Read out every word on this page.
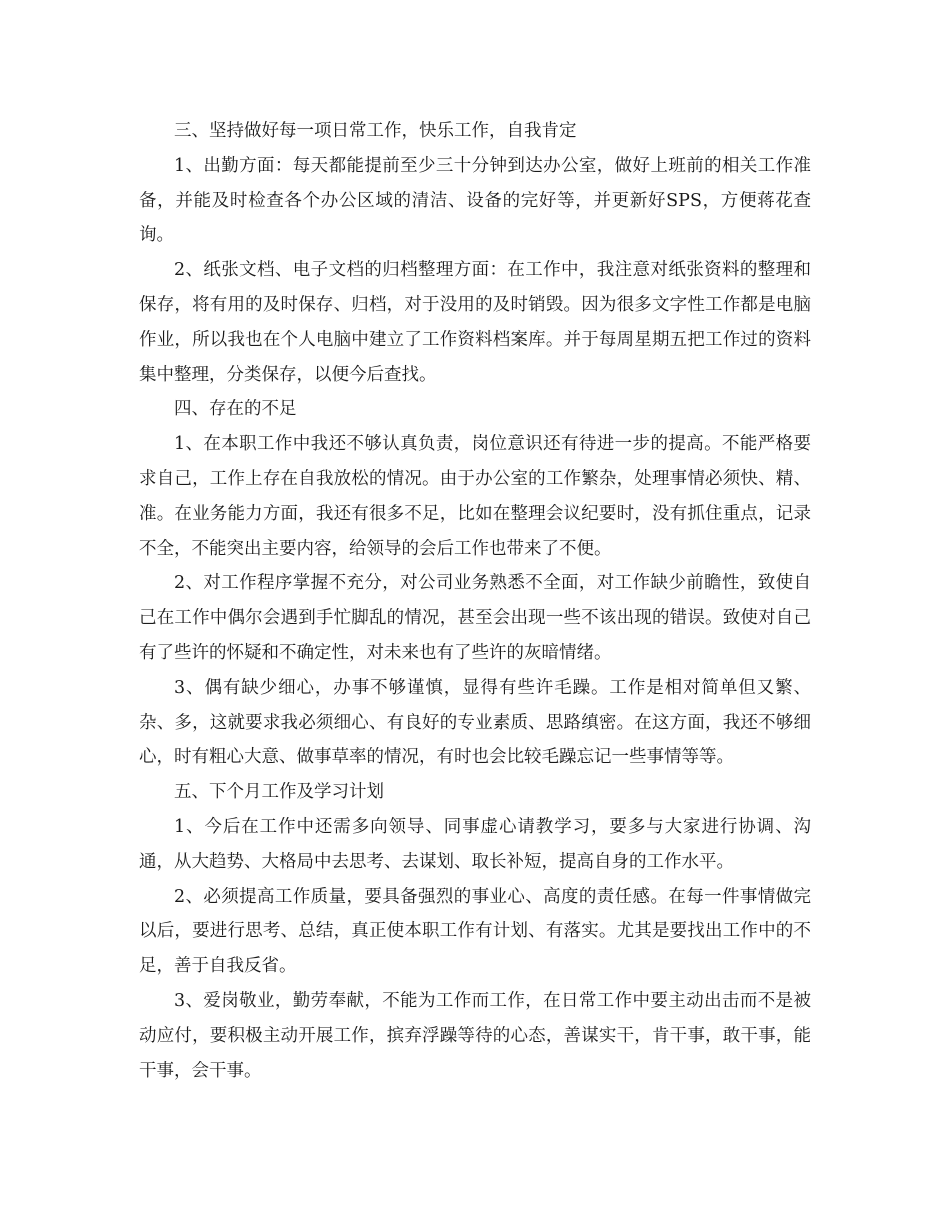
三、坚持做好每一项日常工作，快乐工作，自我肯定

1、出勤方面：每天都能提前至少三十分钟到达办公室，做好上班前的相关工作准备，并能及时检查各个办公区域的清洁、设备的完好等，并更新好SPS，方便蒋花查询。

2、纸张文档、电子文档的归档整理方面：在工作中，我注意对纸张资料的整理和保存，将有用的及时保存、归档，对于没用的及时销毁。因为很多文字性工作都是电脑作业，所以我也在个人电脑中建立了工作资料档案库。并于每周星期五把工作过的资料集中整理，分类保存，以便今后查找。

四、存在的不足

1、在本职工作中我还不够认真负责，岗位意识还有待进一步的提高。不能严格要求自己，工作上存在自我放松的情况。由于办公室的工作繁杂，处理事情必须快、精、准。在业务能力方面，我还有很多不足，比如在整理会议纪要时，没有抓住重点，记录不全，不能突出主要内容，给领导的会后工作也带来了不便。

2、对工作程序掌握不充分，对公司业务熟悉不全面，对工作缺少前瞻性，致使自己在工作中偶尔会遇到手忙脚乱的情况，甚至会出现一些不该出现的错误。致使对自己有了些许的怀疑和不确定性，对未来也有了些许的灰暗情绪。

3、偶有缺少细心，办事不够谨慎，显得有些许毛躁。工作是相对简单但又繁、杂、多，这就要求我必须细心、有良好的专业素质、思路缜密。在这方面，我还不够细心，时有粗心大意、做事草率的情况，有时也会比较毛躁忘记一些事情等等。

五、下个月工作及学习计划

1、今后在工作中还需多向领导、同事虚心请教学习，要多与大家进行协调、沟通，从大趋势、大格局中去思考、去谋划、取长补短，提高自身的工作水平。

2、必须提高工作质量，要具备强烈的事业心、高度的责任感。在每一件事情做完以后，要进行思考、总结，真正使本职工作有计划、有落实。尤其是要找出工作中的不足，善于自我反省。

3、爱岗敬业，勤劳奉献，不能为工作而工作，在日常工作中要主动出击而不是被动应付，要积极主动开展工作，摈弃浮躁等待的心态，善谋实干，肯干事，敢干事，能干事，会干事。
